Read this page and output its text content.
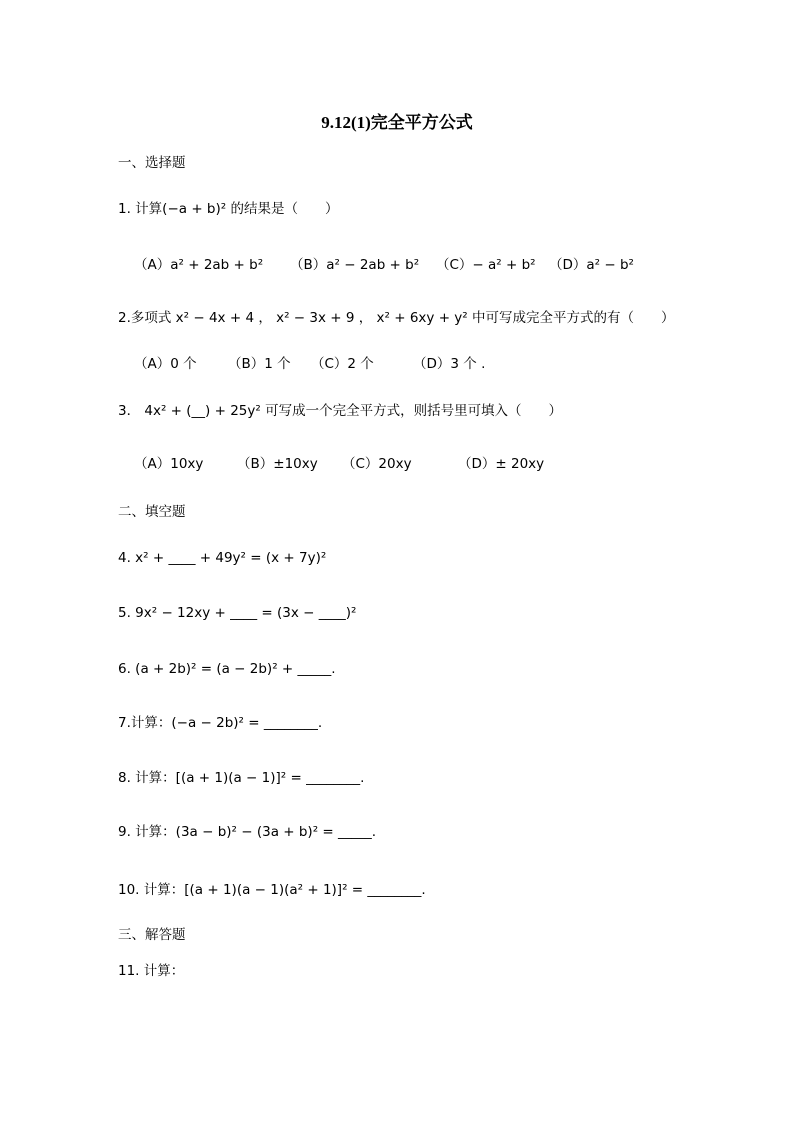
9.12(1)完全平方公式
一、选择题
1. 计算(−a + b)² 的结果是（　　）
（A）a² + 2ab + b² （B）a² − 2ab + b² （C）− a² + b² （D）a² − b²
2.多项式 x² − 4x + 4 ， x² − 3x + 9 ， x² + 6xy + y² 中可写成完全平方式的有（　　）
（A）0 个 （B）1 个 （C）2 个	（D）3 个 .
3． 4x² + (__) + 25y² 可写成一个完全平方式，则括号里可填入（　　）
（A）10xy （B）±10xy （C）20xy	（D）± 20xy
二、填空题
4. x² + ____ + 49y² = (x + 7y)²
5. 9x² − 12xy + ____ = (3x − ____)²
6. (a + 2b)² = (a − 2b)² + _____.
7.计算：(−a − 2b)² = ________.
8. 计算：[(a + 1)(a − 1)]² = ________.
9. 计算：(3a − b)² − (3a + b)² = _____.
10. 计算：[(a + 1)(a − 1)(a² + 1)]² = ________.
三、解答题
11. 计算：
